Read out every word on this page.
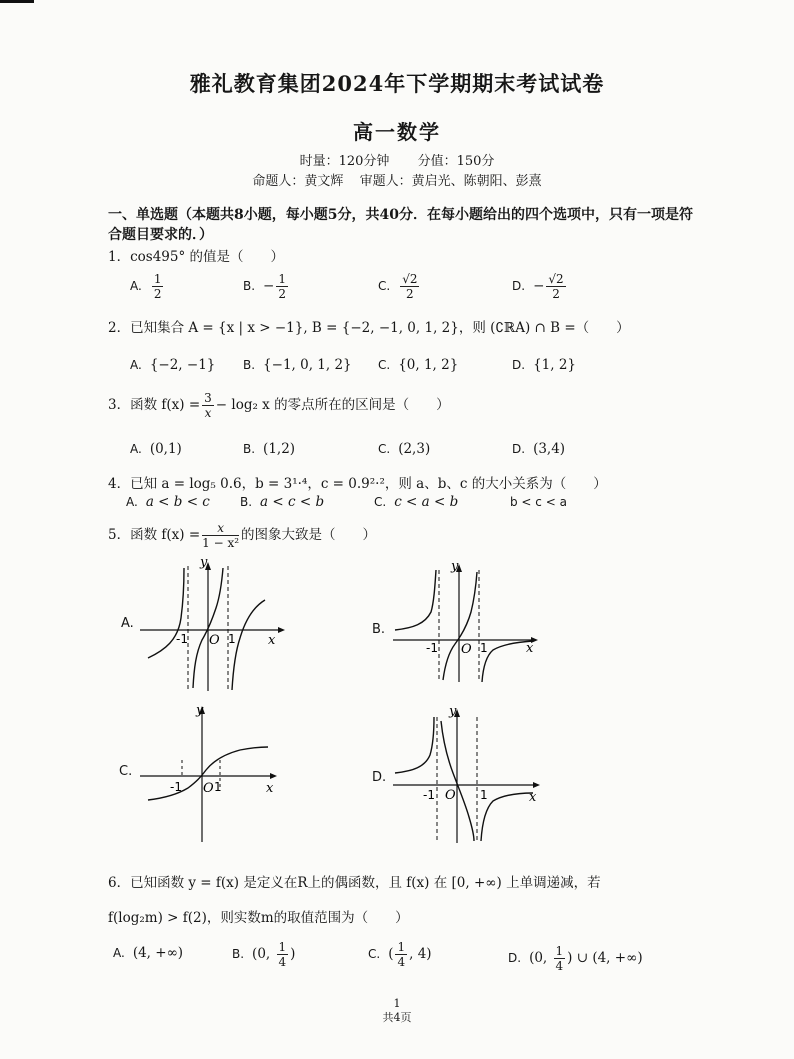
雅礼教育集团2024年下学期期末考试试卷
高一数学
时量：120分钟 分值：150分
命题人：黄文辉 审题人：黄启光、陈朝阳、彭熹
一、单选题（本题共8小题，每小题5分，共40分．在每小题给出的四个选项中，只有一项是符合题目要求的．）
1．cos495° 的值是（　　）
A. $\frac{1}{2}$	B. − $\frac{1}{2}$	C. $\frac{√2}{2}$	D. − $\frac{√2}{2}$
2．已知集合 A = {x | x > −1}, B = {−2, −1, 0, 1, 2}，则 (∁ℝA) ∩ B =（　　）
A. {−2, −1} B. {−1, 0, 1, 2} C. {0, 1, 2}	D. {1, 2}
3．函数 $f(x) = \frac{3}{x} - \log_2$ x 的零点所在的区间是（　　）
A. (0,1)	B. (1,2)	C. (2,3)	D. (3,4)
4．已知 a = log₅ 0.6，b = 3¹·⁴，c = 0.9²·²，则 a、b、c 的大小关系为（　　）
A. a < b < c	B. a < c < b	C. c < a < b	b < c < a
5．函数 $f(x) = \frac{x}{\text{1 − x²}}$ 的图象大致是（　　）
A.
y
x
O
-1	1
B.
y
x
O
-1	1
C.
y
x
O
-1	1
D.
y
x
O
-1	1
6．已知函数 y = f(x) 是定义在R上的偶函数，且 f(x) 在 [0, +∞) 上单调递减，若
f(log₂m) > f(2)，则实数m的取值范围为（　　）
A. (4, +∞)	B. (0, $\frac{1}{4}$ )	C. ( $\frac{1}{4}$ , 4)	D. (0, $\frac{1}{4}$ ) ∪ (4, +∞)
1
共4页
